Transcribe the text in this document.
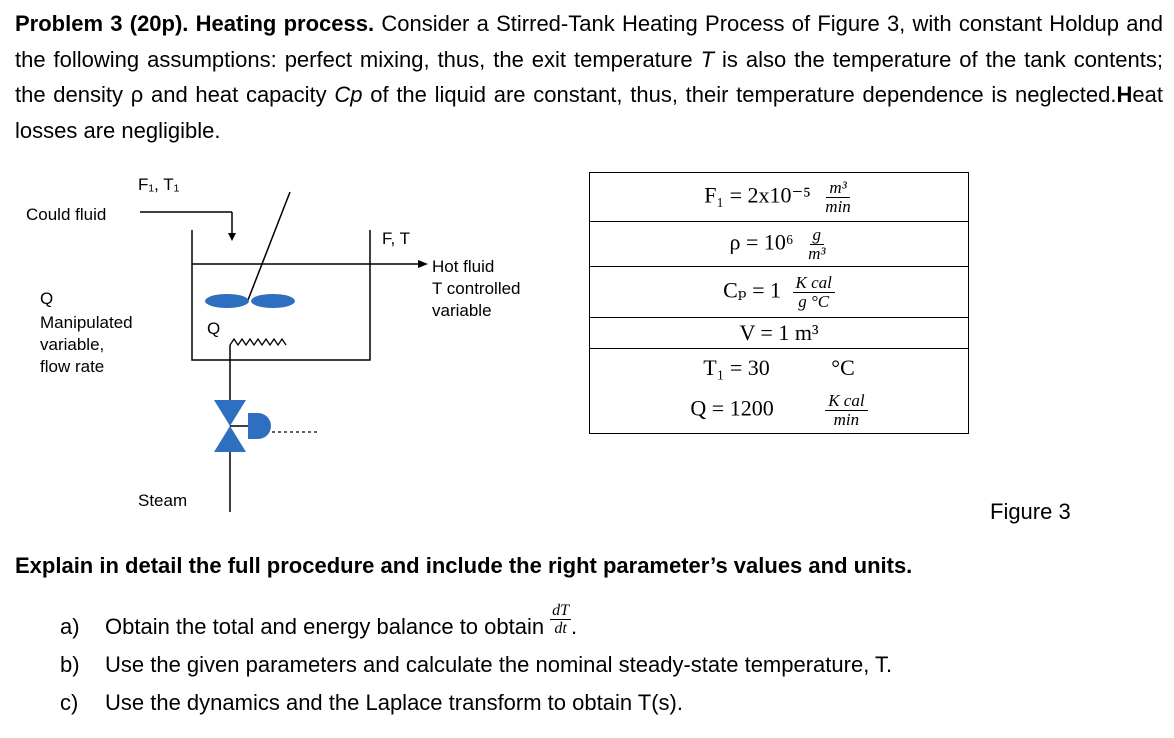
Problem 3 (20p). Heating process. Consider a Stirred-Tank Heating Process of Figure 3, with constant Holdup and the following assumptions: perfect mixing, thus, the exit temperature T is also the temperature of the tank contents; the density ρ and heat capacity Cp of the liquid are constant, thus, their temperature dependence is neglected.Heat losses are negligible.
F₁, T₁
Could fluid
Q
Manipulated
variable,
flow rate
F, T
Hot fluid
T controlled
variable
Q
Steam
$F_1 = 2x10^{-5} \frac{\text{m³}}{\min}$

$\rho = 10^6 \frac{g}{\text{m³}}$

$C_p = 1 \frac{\text{K cal}}{g ^\circ C}$

V = 1 m³
T₁ = 30	°C
Q = 1200	$\frac{\text{K cal}}{\min}$
Figure 3
Explain in detail the full procedure and include the right parameter’s values and units.
a)	Obtain the total and energy balance to obtain $\frac{dT}{dt}$ .
b)	Use the given parameters and calculate the nominal steady-state temperature, T.
c)	Use the dynamics and the Laplace transform to obtain T(s).
